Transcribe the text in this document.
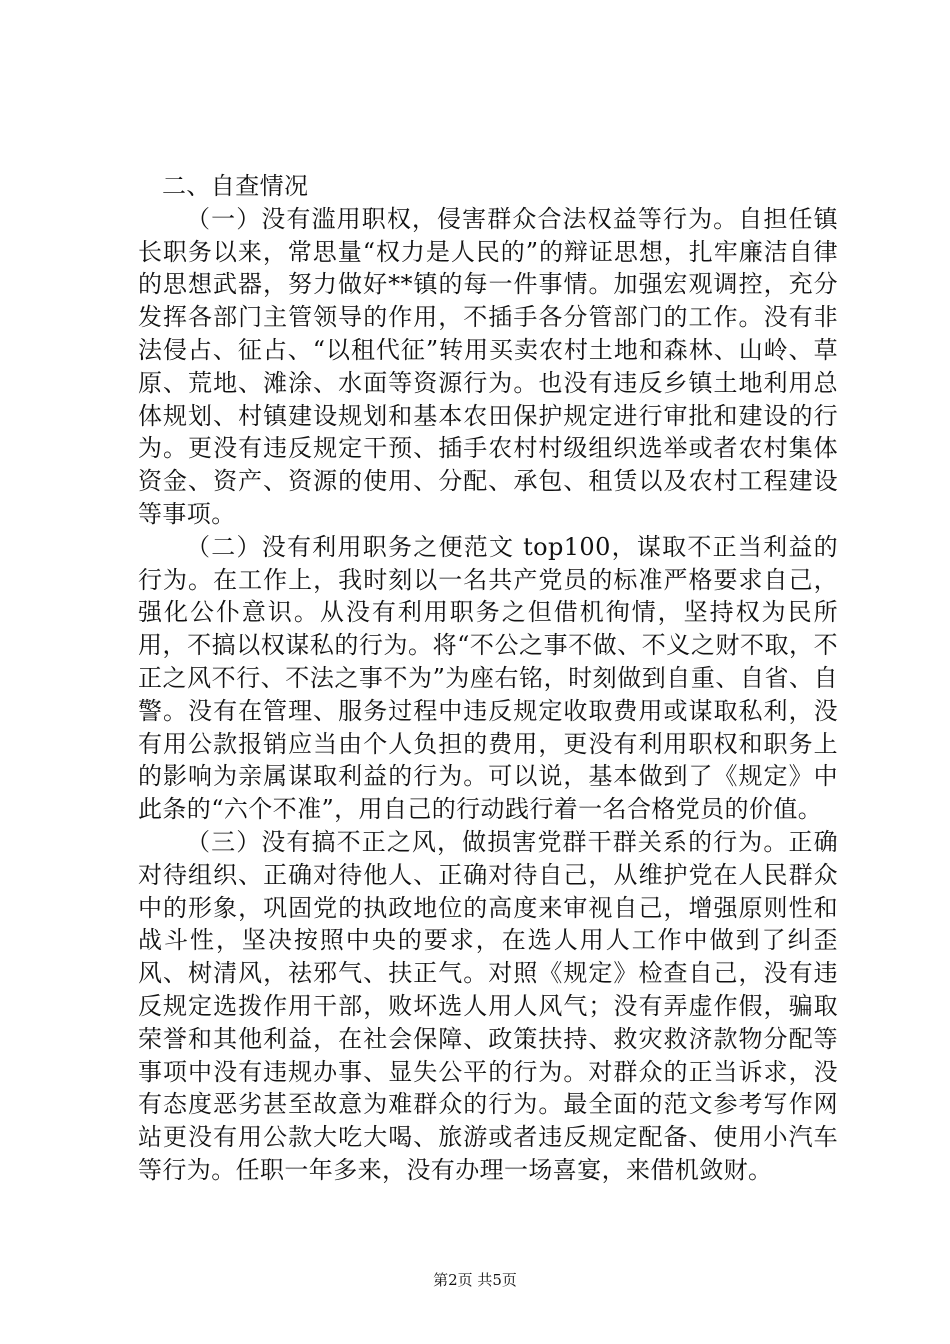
二、自查情况

（一）没有滥用职权，侵害群众合法权益等行为。自担任镇长职务以来，常思量“权力是人民的”的辩证思想，扎牢廉洁自律的思想武器，努力做好**镇的每一件事情。加强宏观调控，充分发挥各部门主管领导的作用，不插手各分管部门的工作。没有非法侵占、征占、“以租代征”转用买卖农村土地和森林、山岭、草原、荒地、滩涂、水面等资源行为。也没有违反乡镇土地利用总体规划、村镇建设规划和基本农田保护规定进行审批和建设的行为。更没有违反规定干预、插手农村村级组织选举或者农村集体资金、资产、资源的使用、分配、承包、租赁以及农村工程建设等事项。

（二）没有利用职务之便范文 top100，谋取不正当利益的行为。在工作上，我时刻以一名共产党员的标准严格要求自己，强化公仆意识。从没有利用职务之但借机徇情，坚持权为民所用，不搞以权谋私的行为。将“不公之事不做、不义之财不取，不正之风不行、不法之事不为”为座右铭，时刻做到自重、自省、自警。没有在管理、服务过程中违反规定收取费用或谋取私利，没有用公款报销应当由个人负担的费用，更没有利用职权和职务上的影响为亲属谋取利益的行为。可以说，基本做到了《规定》中此条的“六个不准”，用自己的行动践行着一名合格党员的价值。

（三）没有搞不正之风，做损害党群干群关系的行为。正确对待组织、正确对待他人、正确对待自己，从维护党在人民群众中的形象，巩固党的执政地位的高度来审视自己，增强原则性和战斗性，坚决按照中央的要求，在选人用人工作中做到了纠歪风、树清风，祛邪气、扶正气。对照《规定》检查自己，没有违反规定选拨作用干部，败坏选人用人风气；没有弄虚作假，骗取荣誉和其他利益，在社会保障、政策扶持、救灾救济款物分配等事项中没有违规办事、显失公平的行为。对群众的正当诉求，没有态度恶劣甚至故意为难群众的行为。最全面的范文参考写作网站更没有用公款大吃大喝、旅游或者违反规定配备、使用小汽车等行为。任职一年多来，没有办理一场喜宴，来借机敛财。

第2页 共5页
